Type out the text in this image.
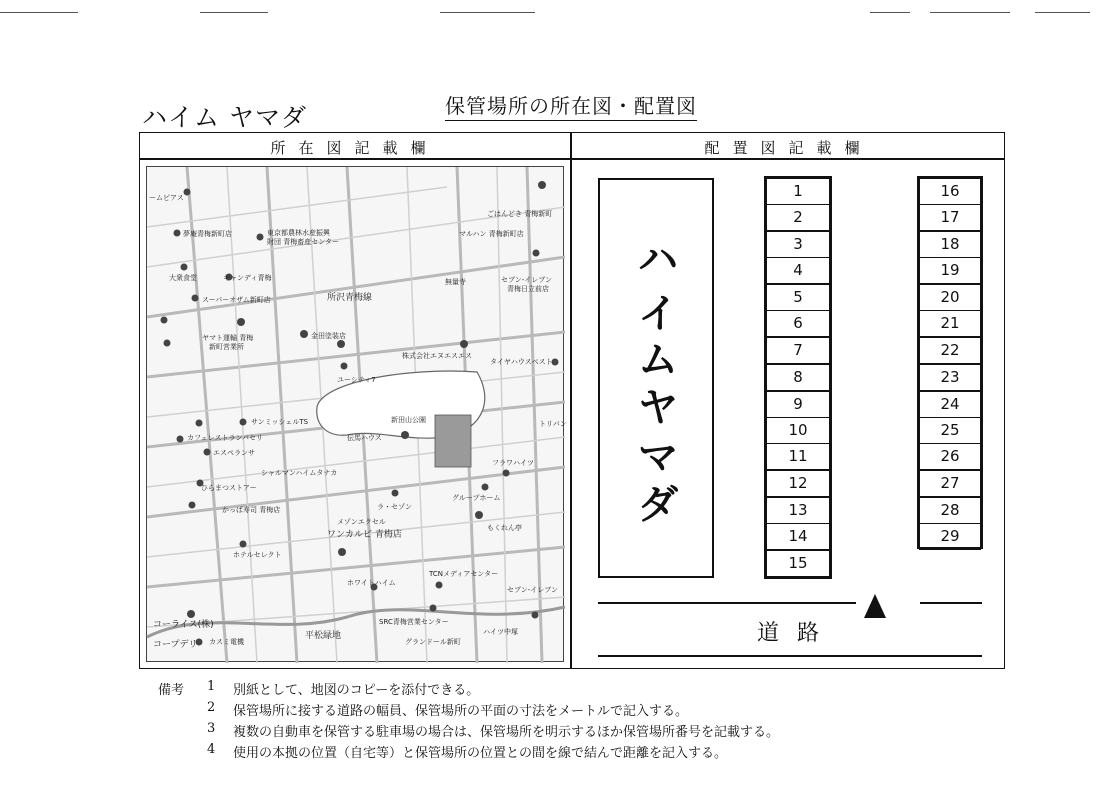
ハイム ヤマダ	保管場所の所在図・配置図
所在図記載欄	配置図記載欄
ームピアス
ごはんどき 青梅新町
東京都農林水産振興
財団 青梅畜産センター
夢庵青梅新町店	マルハン 青梅新町店
大衆食堂	キャンディ青梅
スーパーオザム新町店	所沢青梅線
無量寺	セブン-イレブン
青梅日立前店
ヤマト運輸 青梅
新町営業所
金田塗装店
株式会社エヌエスエス
タイヤハウスベスト
ユーシティ7
新田山公園
伝馬ハウス
トリバン
カフェレストランバセリ
サンミッシェルTS
エスペランサ
フラワハイツ
シャルマンハイムタナカ
ひらまつストアー
グループホーム
かっぱ寿司 青梅店	ラ・セゾン
メゾンエクセル
ワンカルビ 青梅店
もくれん亭
ホテルセレクト
TCNメディアセンター
ホワイトハイム
セブン-イレブン
コーライス(株)
コープデリ カスミ電機
平松緑地
グランドール新町
ハイツ中塚
SRC青梅営業センター
ハ
イ
ム
ヤ
マ
ダ
1
2
3
4
5
6
7
8
9
10
11
12
13
14
15
16
17
18
19
20
21
22
23
24
25
26
27
28
29
道路
備考 1 別紙として、地図のコピーを添付できる。
2 保管場所に接する道路の幅員、保管場所の平面の寸法をメートルで記入する。
3 複数の自動車を保管する駐車場の場合は、保管場所を明示するほか保管場所番号を記載する。
4 使用の本拠の位置（自宅等）と保管場所の位置との間を線で結んで距離を記入する。
